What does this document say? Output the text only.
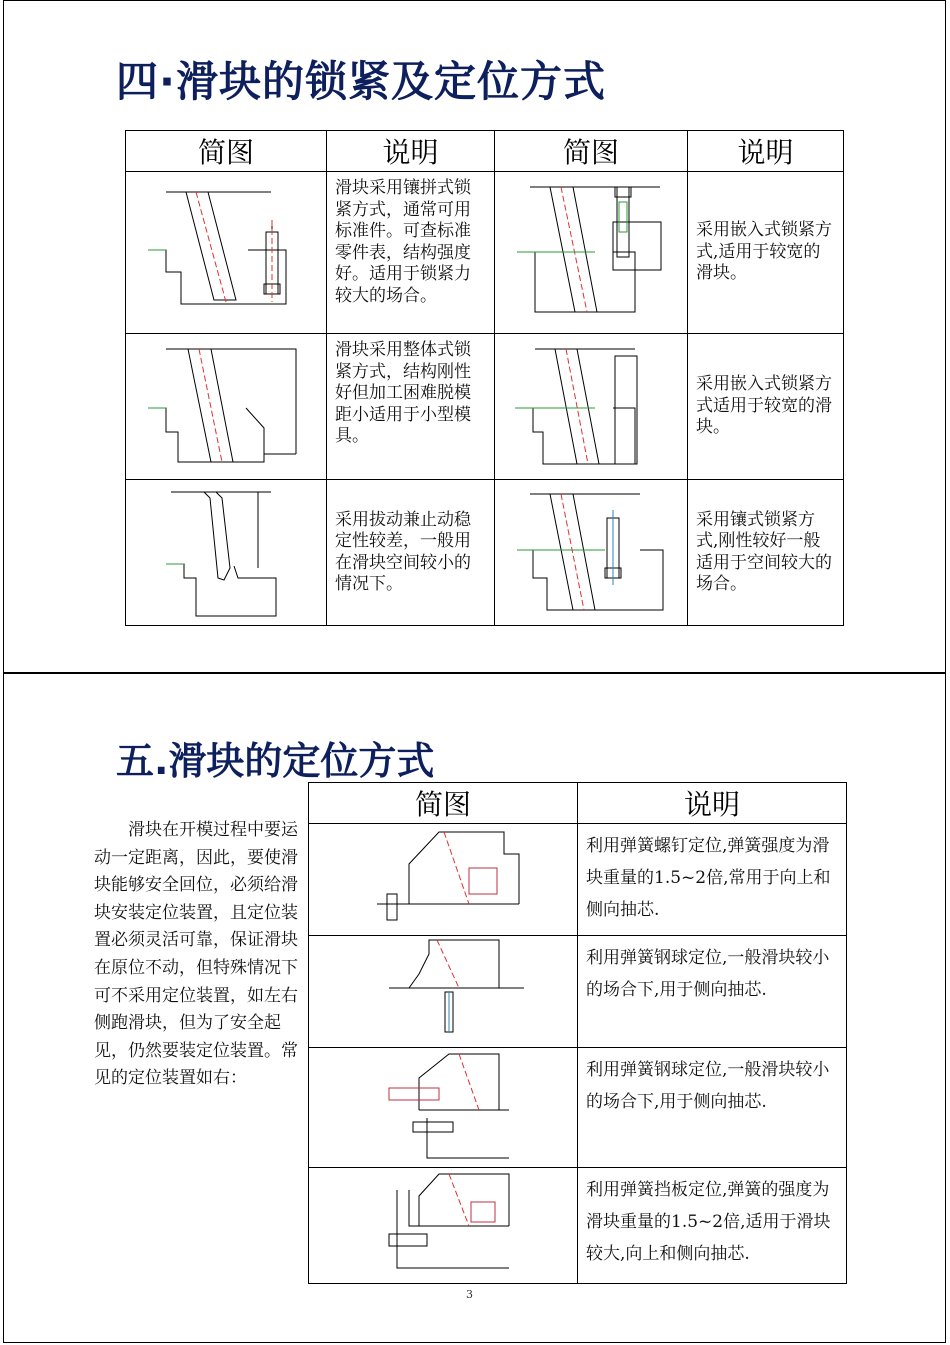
四·滑块的锁紧及定位方式
简图	说明	简图	说明

	滑块采用镶拼式锁紧方式，通常可用标准件。可查标准零件表，结构强度好。适用于锁紧力较大的场合。		采用嵌入式锁紧方式,适用于较宽的滑块。

	滑块采用整体式锁紧方式，结构刚性好但加工困难脱模距小适用于小型模具。		采用嵌入式锁紧方式适用于较宽的滑块。

	采用拔动兼止动稳定性较差，一般用在滑块空间较小的情况下。		采用镶式锁紧方式,刚性较好一般适用于空间较大的场合。
五.滑块的定位方式
滑块在开模过程中要运动一定距离，因此，要使滑块能够安全回位，必须给滑块安装定位装置，且定位装置必须灵活可靠，保证滑块在原位不动，但特殊情况下可不采用定位装置，如左右侧跑滑块，但为了安全起见，仍然要装定位装置。常见的定位装置如右：
简图	说明

	利用弹簧螺钉定位,弹簧强度为滑块重量的1.5~2倍,常用于向上和侧向抽芯.

	利用弹簧钢球定位,一般滑块较小的场合下,用于侧向抽芯.

	利用弹簧钢球定位,一般滑块较小的场合下,用于侧向抽芯.

	利用弹簧挡板定位,弹簧的强度为滑块重量的1.5~2倍,适用于滑块较大,向上和侧向抽芯.
3
